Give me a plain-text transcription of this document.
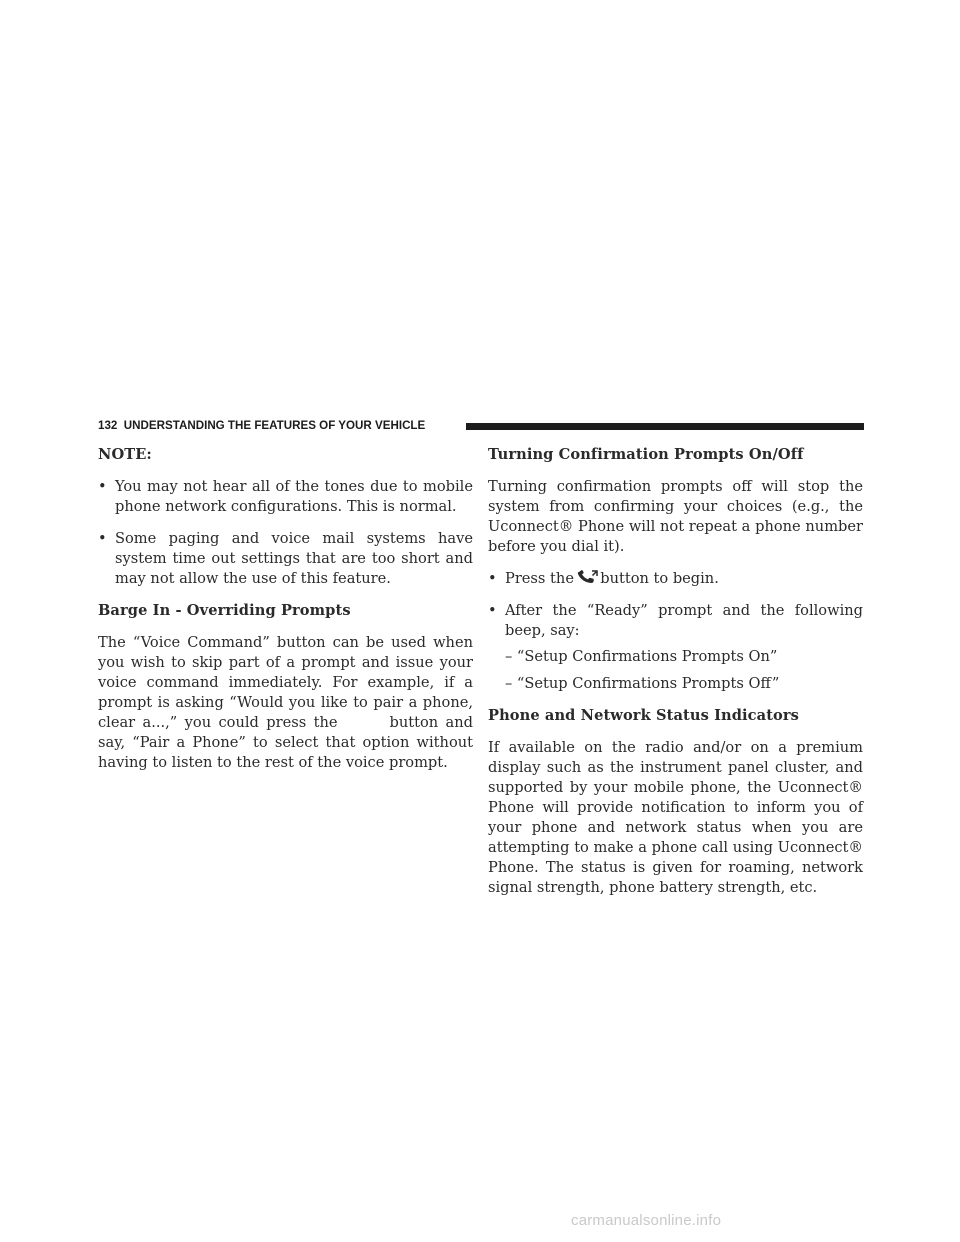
132 UNDERSTANDING THE FEATURES OF YOUR VEHICLE
NOTE:
• You may not hear all of the tones due to mobile phone network configurations. This is normal.
• Some paging and voice mail systems have system time out settings that are too short and may not allow the use of this feature.
Barge In - Overriding Prompts

The “Voice Command” button can be used when you wish to skip part of a prompt and issue your voice command immediately. For example, if a prompt is asking “Would you like to pair a phone, clear a...,” you could press the	button and say, “Pair a Phone” to select that option without having to listen to the rest of the voice prompt.

Turning Confirmation Prompts On/Off

Turning confirmation prompts off will stop the system from confirming your choices (e.g., the Uconnect® Phone will not repeat a phone number before you dial it).

• Press the button to begin.
• After the “Ready” prompt and the following beep, say:
– “Setup Confirmations Prompts On”
– “Setup Confirmations Prompts Off”
Phone and Network Status Indicators

If available on the radio and/or on a premium display such as the instrument panel cluster, and supported by your mobile phone, the Uconnect® Phone will provide notification to inform you of your phone and network status when you are attempting to make a phone call using Uconnect® Phone. The status is given for roaming, network signal strength, phone battery strength, etc.

carmanualsonline.info
